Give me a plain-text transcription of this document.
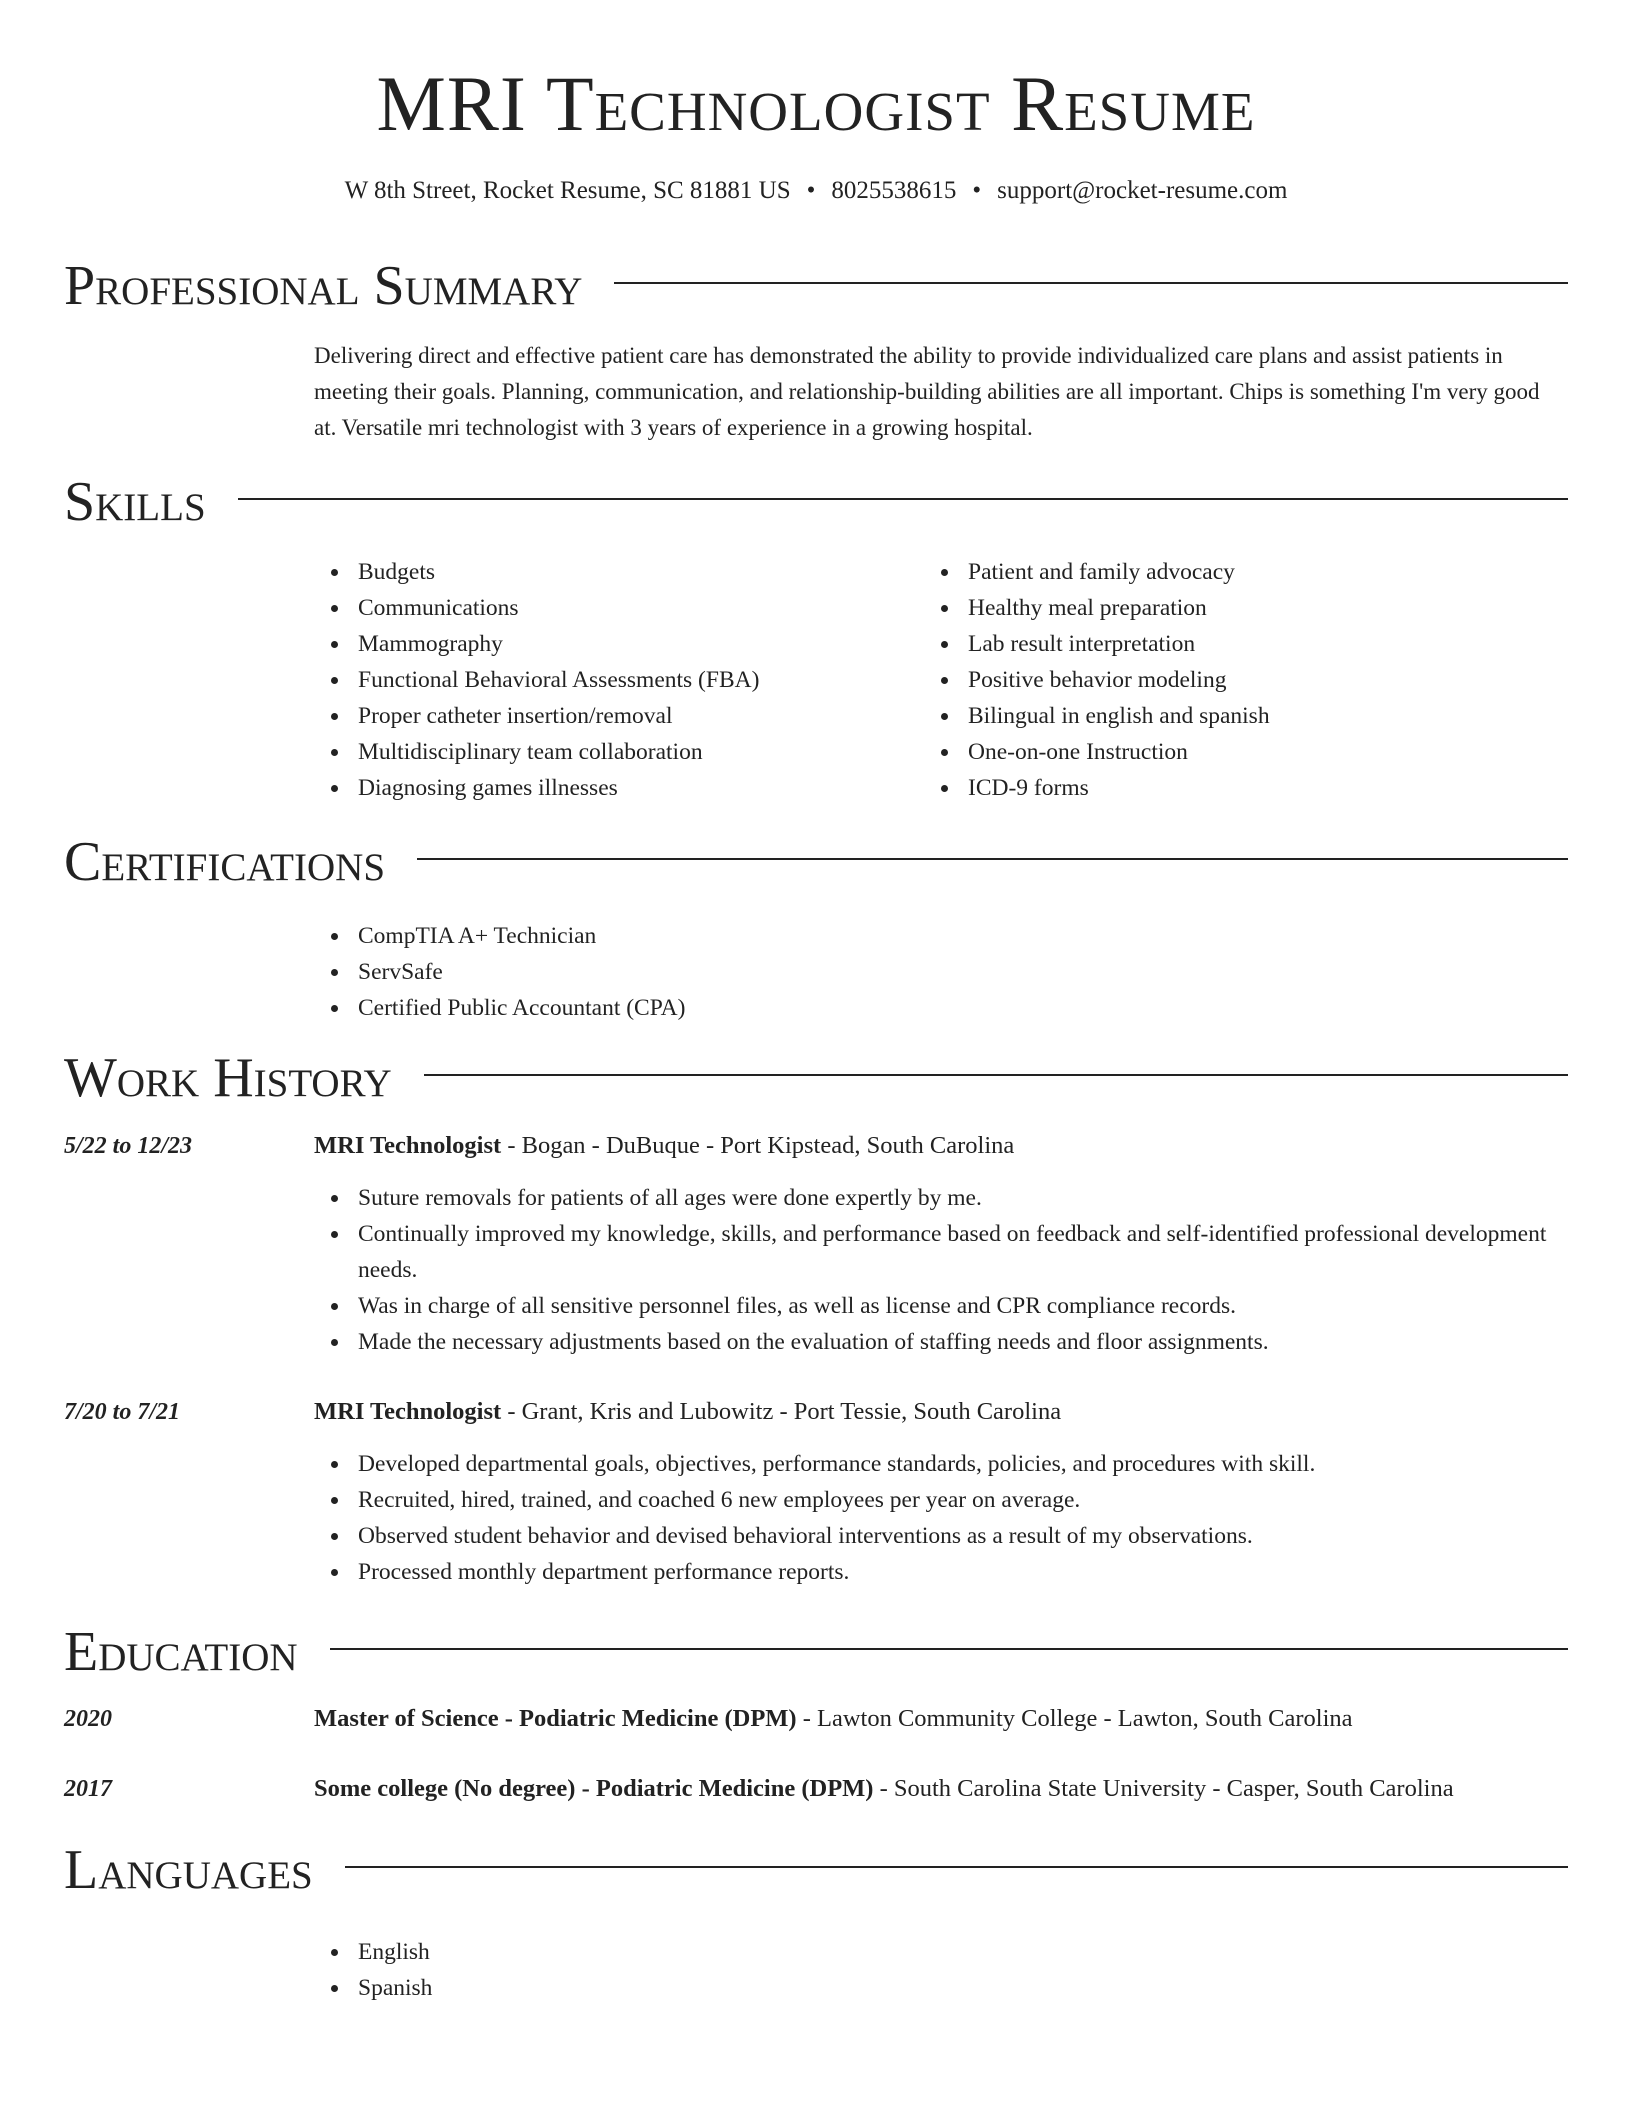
MRI Technologist Resume
W 8th Street, Rocket Resume, SC 81881 US • 8025538615 • support@rocket-resume.com
Professional Summary

Delivering direct and effective patient care has demonstrated the ability to provide individualized care plans and assist patients in meeting their goals. Planning, communication, and relationship-building abilities are all important. Chips is something I'm very good at. Versatile mri technologist with 3 years of experience in a growing hospital.

Skills
Budgets
Communications
Mammography
Functional Behavioral Assessments (FBA)
Proper catheter insertion/removal
Multidisciplinary team collaboration
Diagnosing games illnesses
Patient and family advocacy
Healthy meal preparation
Lab result interpretation
Positive behavior modeling
Bilingual in english and spanish
One-on-one Instruction
ICD-9 forms
Certifications
CompTIA A+ Technician
ServSafe
Certified Public Accountant (CPA)
Work History
5/22 to 12/23	MRI Technologist - Bogan - DuBuque - Port Kipstead, South Carolina
Suture removals for patients of all ages were done expertly by me.
Continually improved my knowledge, skills, and performance based on feedback and self-identified professional development needs.
Was in charge of all sensitive personnel files, as well as license and CPR compliance records.
Made the necessary adjustments based on the evaluation of staffing needs and floor assignments.
7/20 to 7/21	MRI Technologist - Grant, Kris and Lubowitz - Port Tessie, South Carolina
Developed departmental goals, objectives, performance standards, policies, and procedures with skill.
Recruited, hired, trained, and coached 6 new employees per year on average.
Observed student behavior and devised behavioral interventions as a result of my observations.
Processed monthly department performance reports.
Education
2020	Master of Science - Podiatric Medicine (DPM) - Lawton Community College - Lawton, South Carolina
2017	Some college (No degree) - Podiatric Medicine (DPM) - South Carolina State University - Casper, South Carolina
Languages
English
Spanish
